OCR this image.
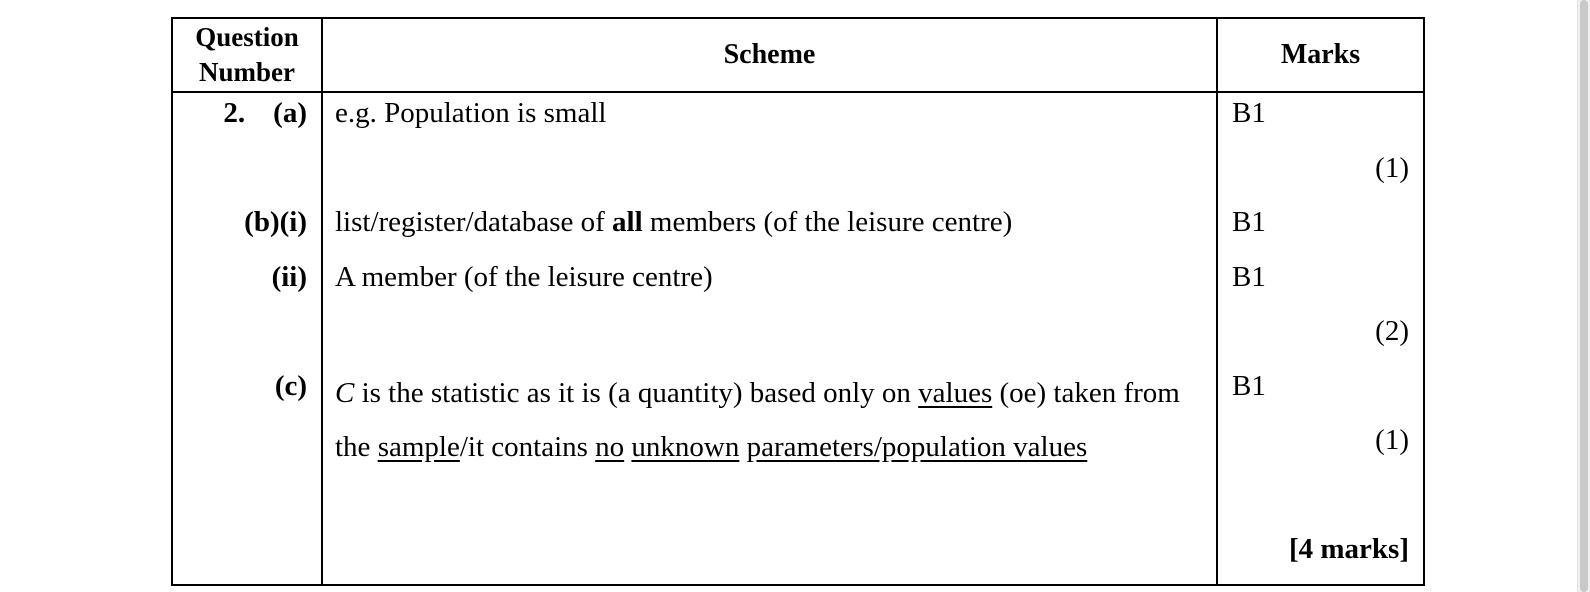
Question
Number	Scheme	Marks
2. (a)	e.g. Population is small	B1

		(1)

(b)(i)	list/register/database of all members (of the leisure centre)	B1

(ii)	A member (of the leisure centre)	B1

		(2)

(c)	C is the statistic as it is (a quantity) based only on values (oe) taken from the sample/it contains no unknown parameters/population values	B1

		(1)

		[4 marks]
